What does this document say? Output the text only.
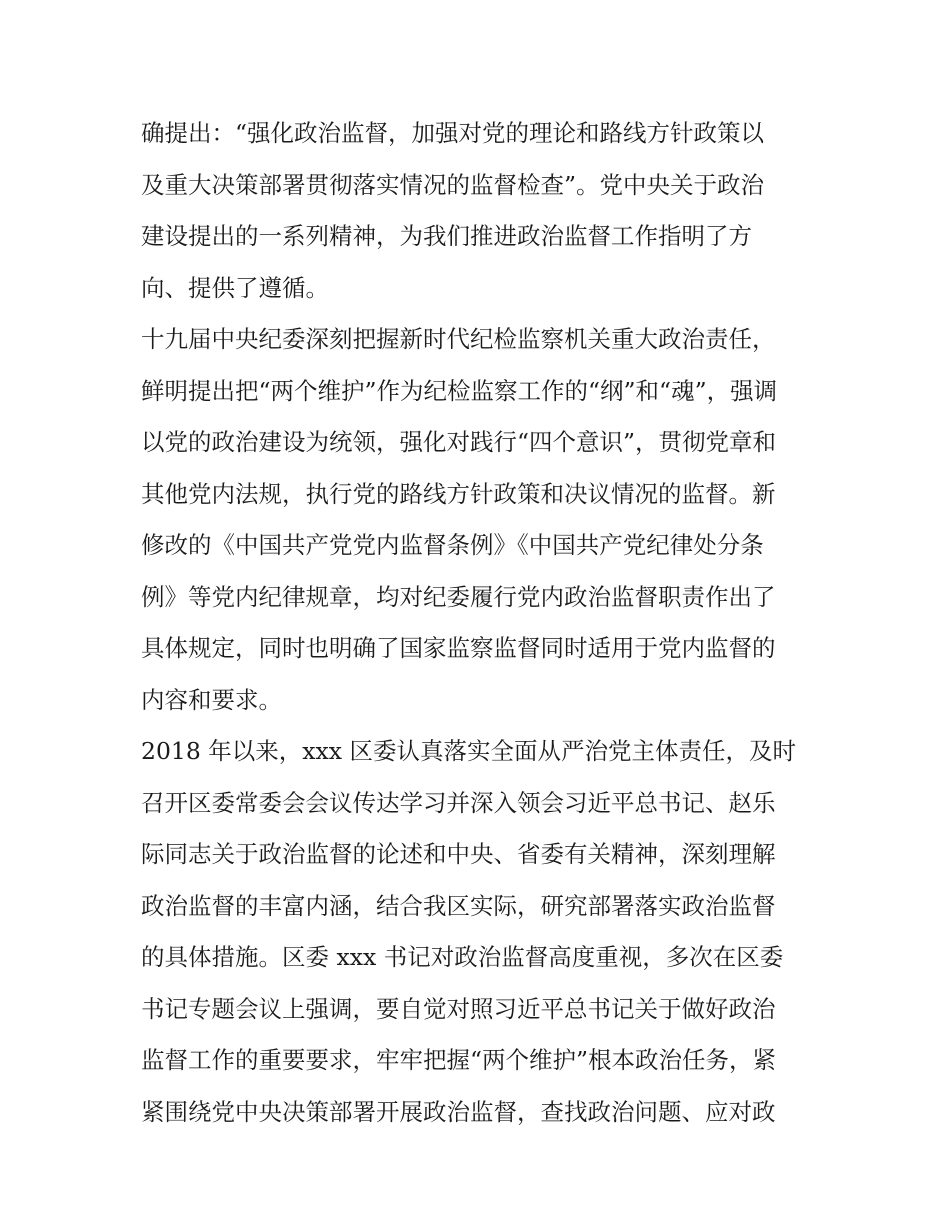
确提出：“强化政治监督，加强对党的理论和路线方针政策以
及重大决策部署贯彻落实情况的监督检查”。党中央关于政治
建设提出的一系列精神，为我们推进政治监督工作指明了方
向、提供了遵循。
十九届中央纪委深刻把握新时代纪检监察机关重大政治责任，
鲜明提出把“两个维护”作为纪检监察工作的“纲”和“魂”，强调
以党的政治建设为统领，强化对践行“四个意识”，贯彻党章和
其他党内法规，执行党的路线方针政策和决议情况的监督。新
修改的《中国共产党党内监督条例》《中国共产党纪律处分条
例》等党内纪律规章，均对纪委履行党内政治监督职责作出了
具体规定，同时也明确了国家监察监督同时适用于党内监督的
内容和要求。
2018 年以来，xxx 区委认真落实全面从严治党主体责任，及时
召开区委常委会会议传达学习并深入领会习近平总书记、赵乐
际同志关于政治监督的论述和中央、省委有关精神，深刻理解
政治监督的丰富内涵，结合我区实际，研究部署落实政治监督
的具体措施。区委 xxx 书记对政治监督高度重视，多次在区委
书记专题会议上强调，要自觉对照习近平总书记关于做好政治
监督工作的重要要求，牢牢把握“两个维护”根本政治任务，紧
紧围绕党中央决策部署开展政治监督，查找政治问题、应对政
